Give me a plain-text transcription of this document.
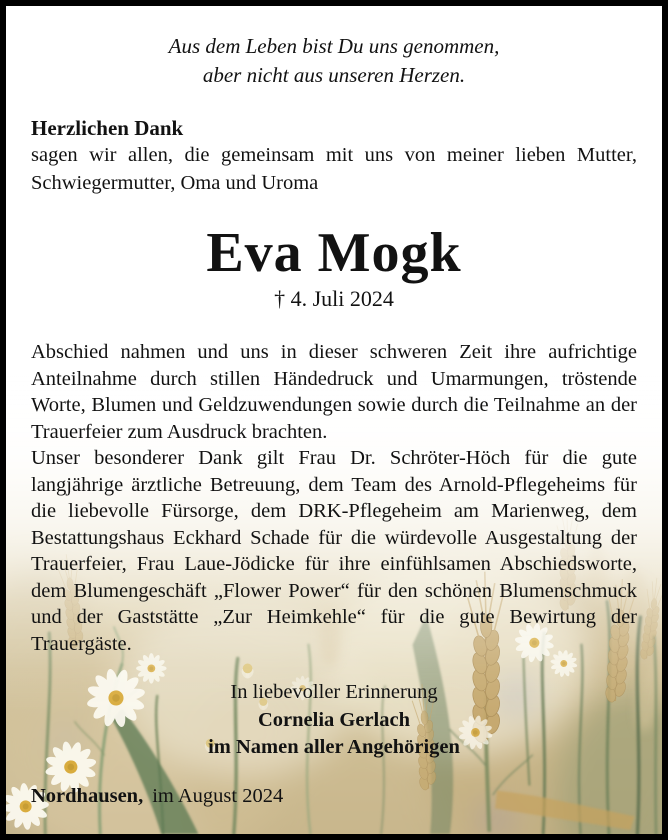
Aus dem Leben bist Du uns genommen,
aber nicht aus unseren Herzen.
Herzlichen Dank

sagen wir allen, die gemeinsam mit uns von meiner lieben Mutter, Schwiegermutter, Oma und Uroma

Eva Mogk
† 4. Juli 2024

Abschied nahmen und uns in dieser schweren Zeit ihre aufrichtige Anteilnahme durch stillen Händedruck und Umarmungen, tröstende Worte, Blumen und Geldzuwendungen sowie durch die Teilnahme an der Trauerfeier zum Ausdruck brachten.

Unser besonderer Dank gilt Frau Dr. Schröter-Höch für die gute langjährige ärztliche Betreuung, dem Team des Arnold-Pflegeheims für die liebevolle Fürsorge, dem DRK-Pflegeheim am Marienweg, dem Bestattungshaus Eckhard Schade für die würdevolle Ausgestaltung der Trauerfeier, Frau Laue-Jödicke für ihre einfühlsamen Abschiedsworte, dem Blumengeschäft „Flower Power“ für den schönen Blumenschmuck und der Gaststätte „Zur Heimkehle“ für die gute Bewirtung der Trauergäste.

In liebevoller Erinnerung
Cornelia Gerlach
im Namen aller Angehörigen
Nordhausen, im August 2024
